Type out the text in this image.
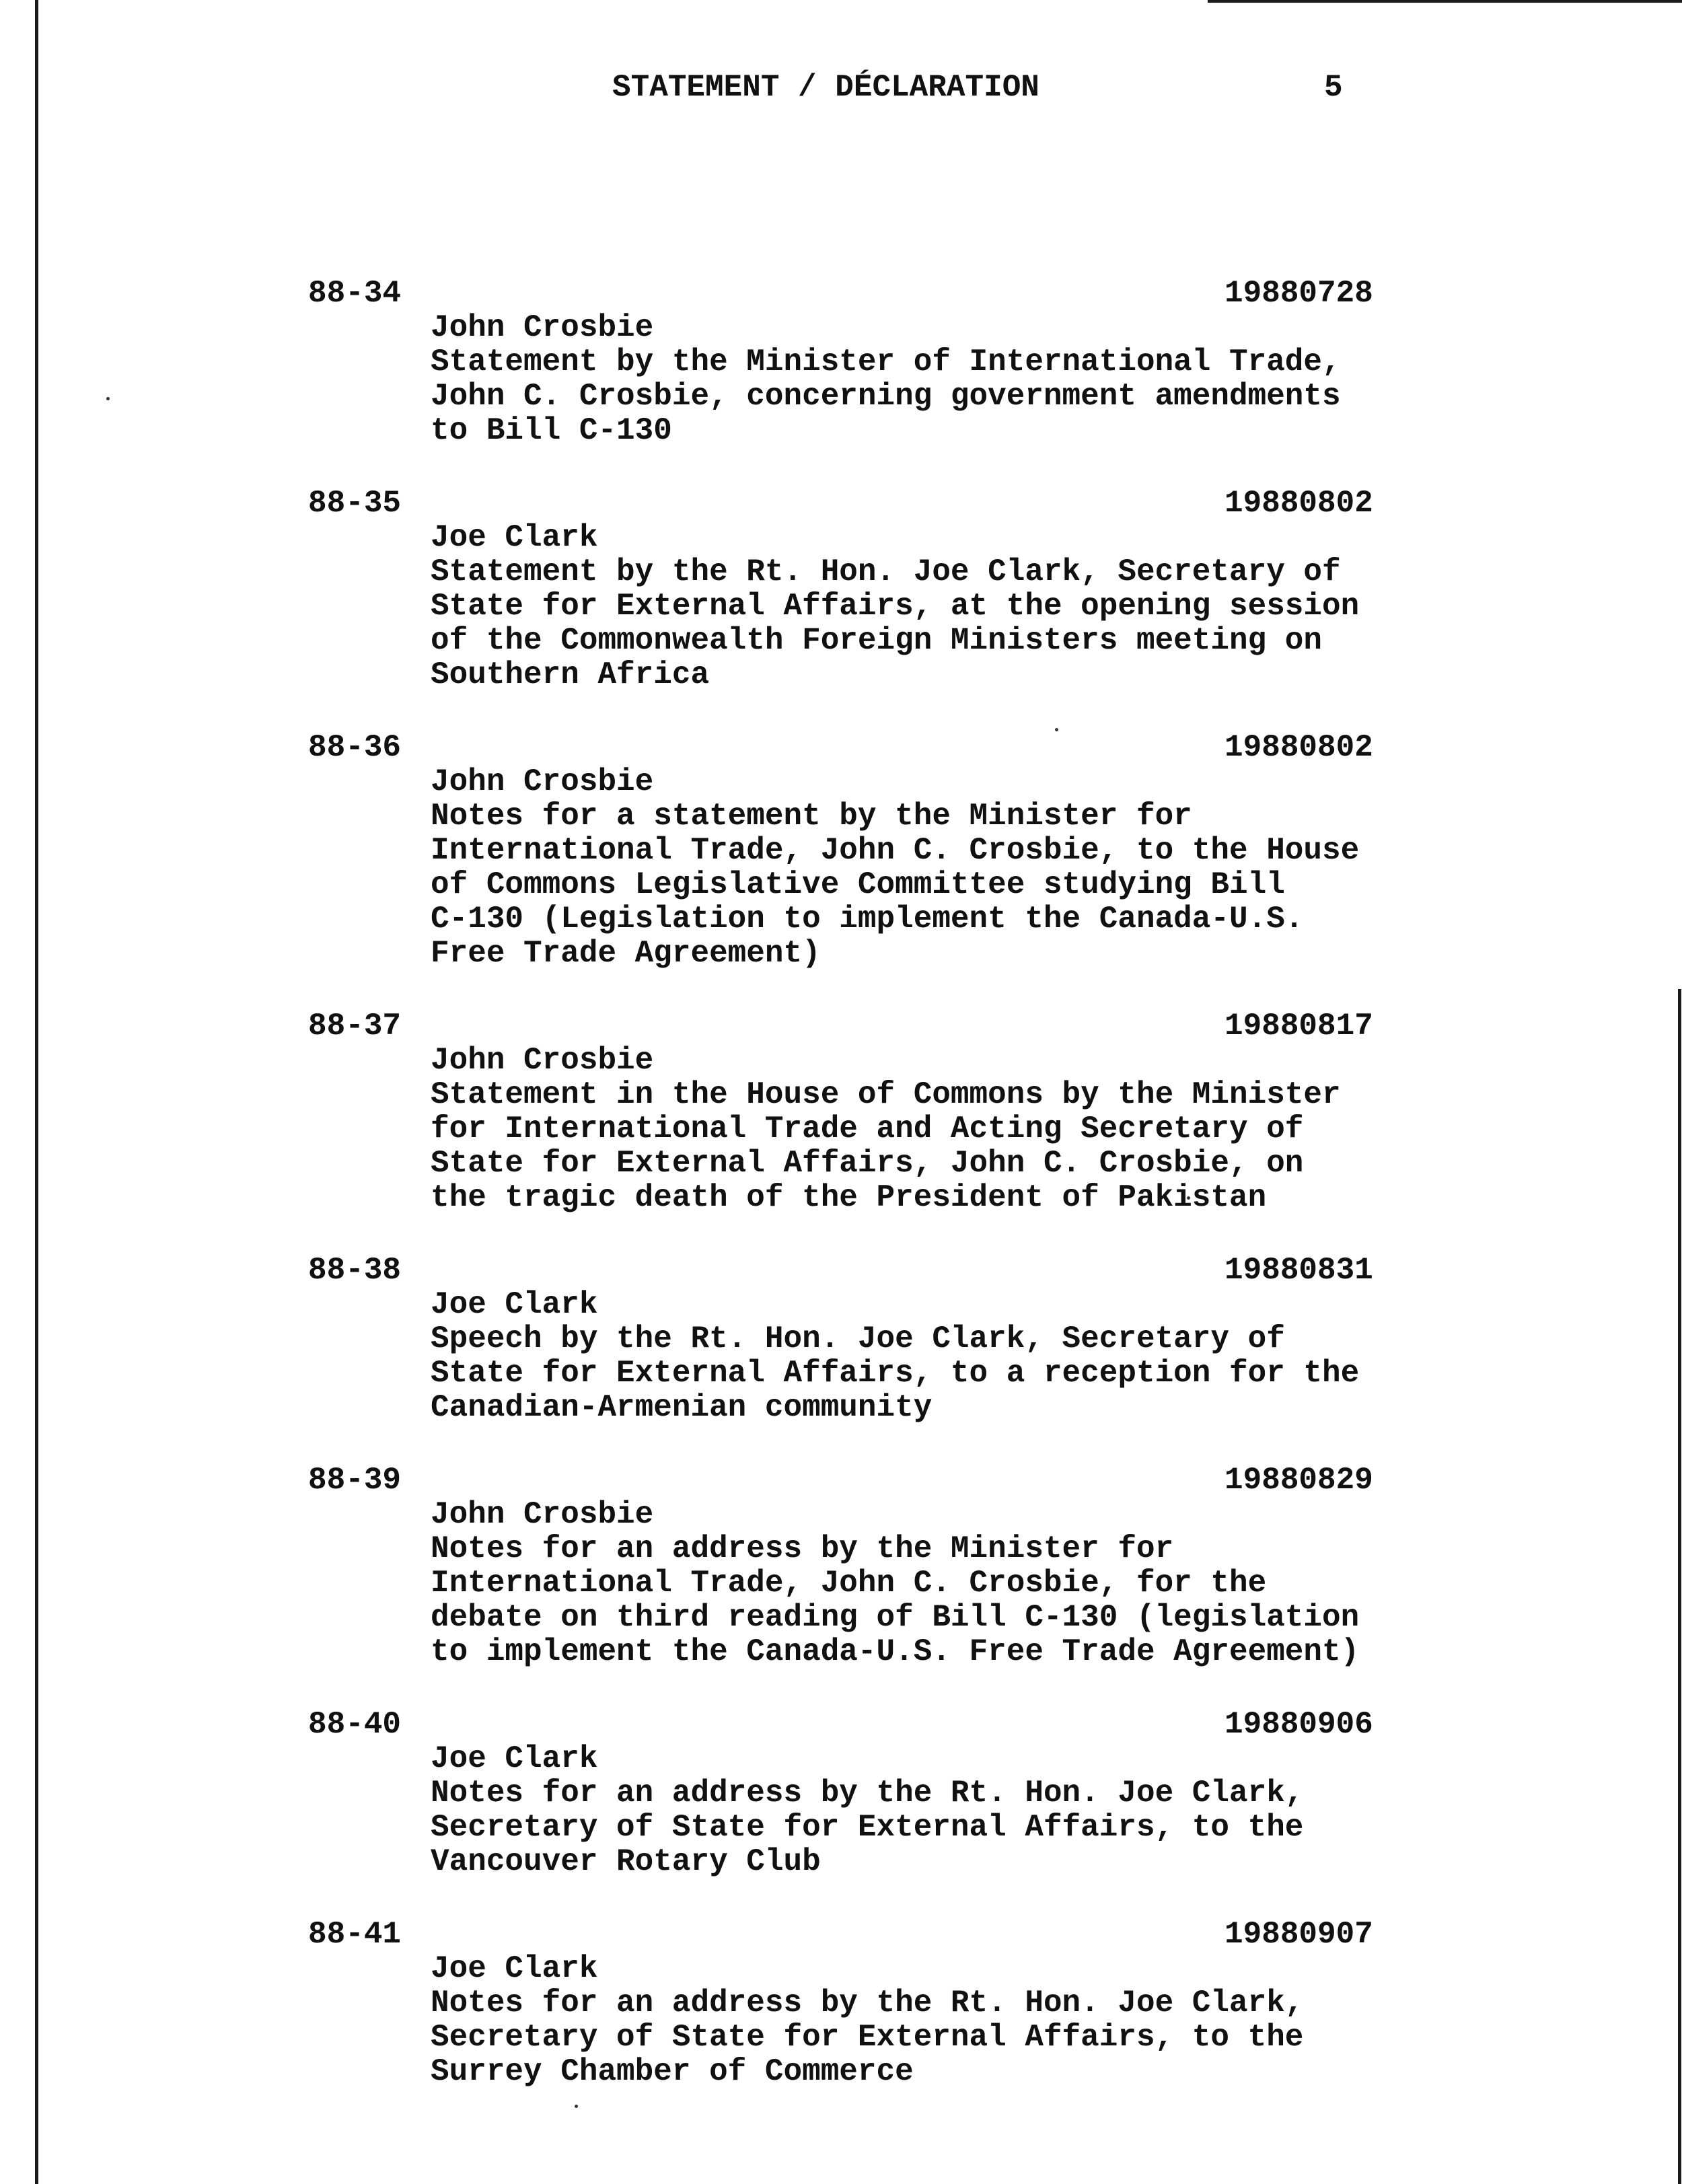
STATEMENT / DÉCLARATION	5
88-34	19880728
John Crosbie
Statement by the Minister of International Trade,
John C. Crosbie, concerning government amendments
to Bill C-130
88-35	19880802
Joe Clark
Statement by the Rt. Hon. Joe Clark, Secretary of
State for External Affairs, at the opening session
of the Commonwealth Foreign Ministers meeting on
Southern Africa
88-36	19880802
John Crosbie
Notes for a statement by the Minister for
International Trade, John C. Crosbie, to the House
of Commons Legislative Committee studying Bill
C-130 (Legislation to implement the Canada-U.S.
Free Trade Agreement)
88-37	19880817
John Crosbie
Statement in the House of Commons by the Minister
for International Trade and Acting Secretary of
State for External Affairs, John C. Crosbie, on
the tragic death of the President of Pakistan
88-38	19880831
Joe Clark
Speech by the Rt. Hon. Joe Clark, Secretary of
State for External Affairs, to a reception for the
Canadian-Armenian community
88-39	19880829
John Crosbie
Notes for an address by the Minister for
International Trade, John C. Crosbie, for the
debate on third reading of Bill C-130 (legislation
to implement the Canada-U.S. Free Trade Agreement)
88-40	19880906
Joe Clark
Notes for an address by the Rt. Hon. Joe Clark,
Secretary of State for External Affairs, to the
Vancouver Rotary Club
88-41	19880907
Joe Clark
Notes for an address by the Rt. Hon. Joe Clark,
Secretary of State for External Affairs, to the
Surrey Chamber of Commerce
